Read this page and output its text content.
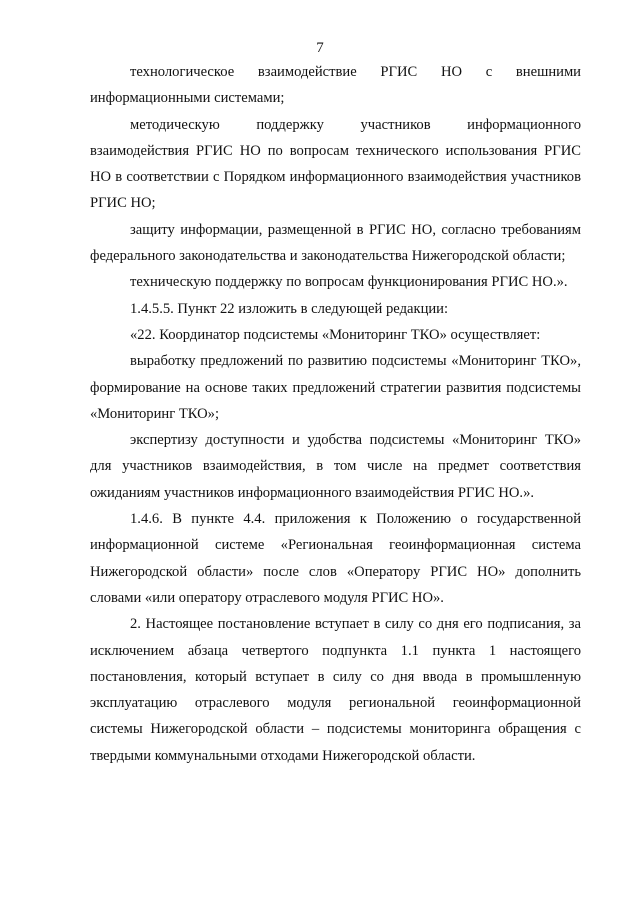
7

технологическое взаимодействие РГИС НО с внешними информационными системами;

методическую поддержку участников информационного взаимодействия РГИС НО по вопросам технического использования РГИС НО в соответствии с Порядком информационного взаимодействия участников РГИС НО;

защиту информации, размещенной в РГИС НО, согласно требованиям федерального законодательства и законодательства Нижегородской области;

техническую поддержку по вопросам функционирования РГИС НО.».

1.4.5.5. Пункт 22 изложить в следующей редакции:

«22. Координатор подсистемы «Мониторинг ТКО» осуществляет:

выработку предложений по развитию подсистемы «Мониторинг ТКО», формирование на основе таких предложений стратегии развития подсистемы «Мониторинг ТКО»;

экспертизу доступности и удобства подсистемы «Мониторинг ТКО» для участников взаимодействия, в том числе на предмет соответствия ожиданиям участников информационного взаимодействия РГИС НО.».

1.4.6. В пункте 4.4. приложения к Положению о государственной информационной системе «Региональная геоинформационная система Нижегородской области» после слов «Оператору РГИС НО» дополнить словами «или оператору отраслевого модуля РГИС НО».

2. Настоящее постановление вступает в силу со дня его подписания, за исключением абзаца четвертого подпункта 1.1 пункта 1 настоящего постановления, который вступает в силу со дня ввода в промышленную эксплуатацию отраслевого модуля региональной геоинформационной системы Нижегородской области – подсистемы мониторинга обращения с твердыми коммунальными отходами Нижегородской области.
